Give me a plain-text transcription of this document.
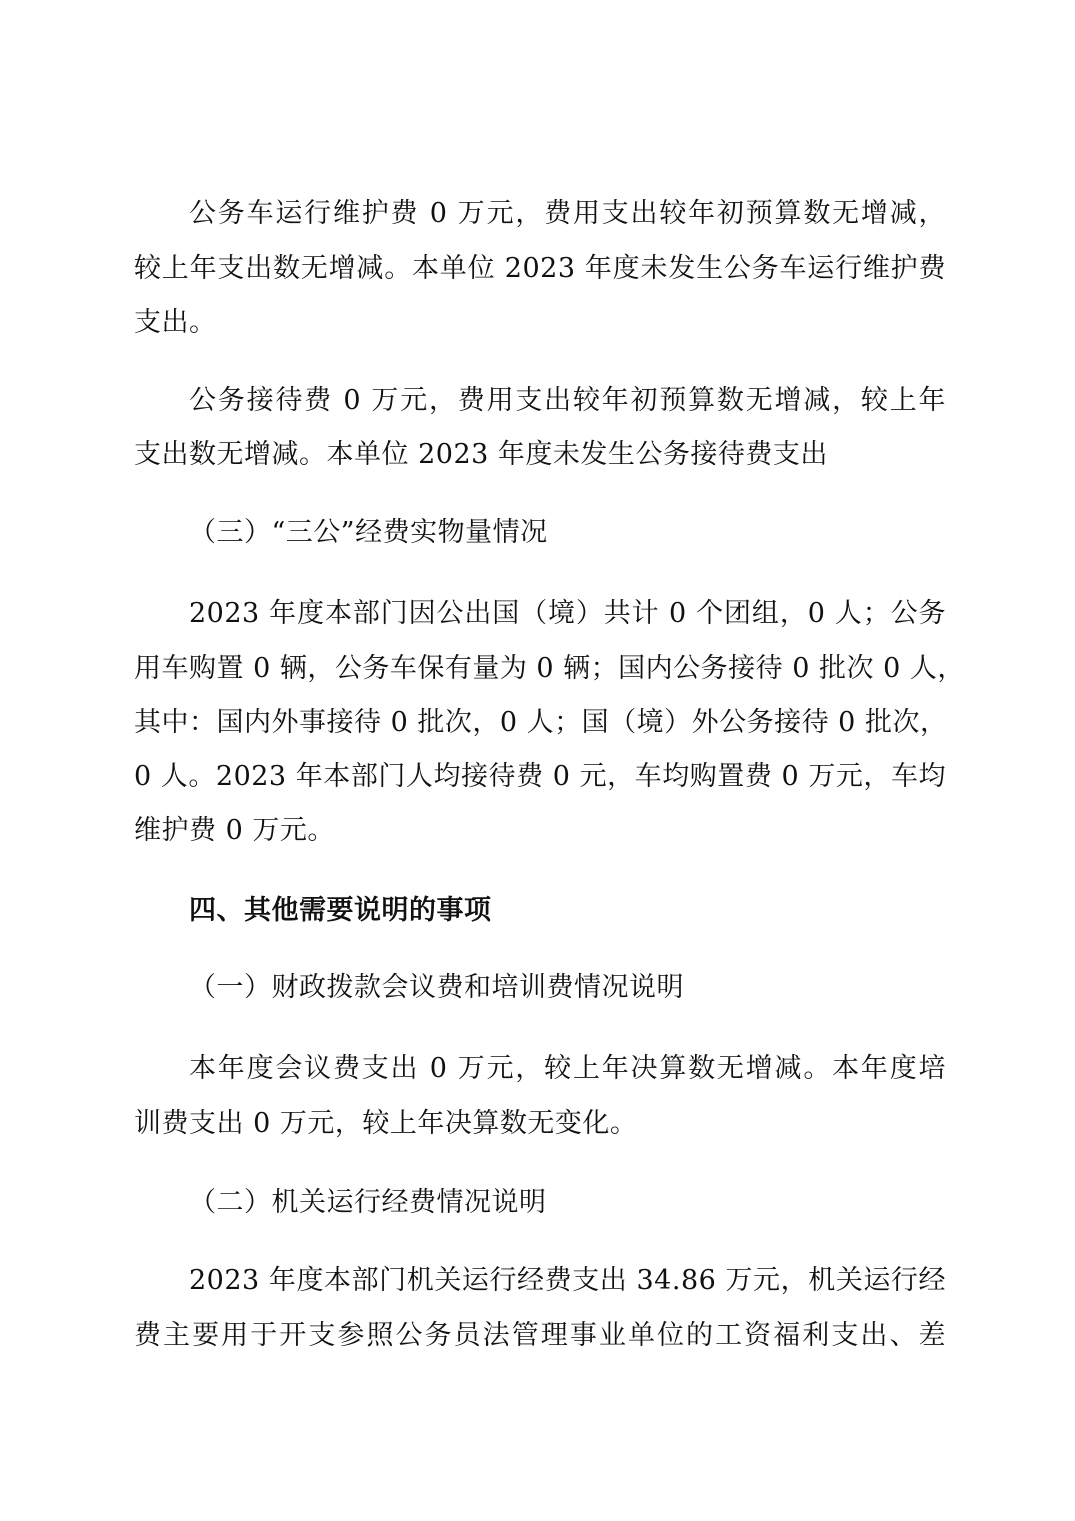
公务车运行维护费 0 万元，费用支出较年初预算数无增减，
较上年支出数无增减。本单位 2023 年度未发生公务车运行维护费
支出。
公务接待费 0 万元，费用支出较年初预算数无增减，较上年
支出数无增减。本单位 2023 年度未发生公务接待费支出
（三）“三公”经费实物量情况
2023 年度本部门因公出国（境）共计 0 个团组，0 人；公务
用车购置 0 辆，公务车保有量为 0 辆；国内公务接待 0 批次 0 人，
其中：国内外事接待 0 批次，0 人；国（境）外公务接待 0 批次，
0 人。2023 年本部门人均接待费 0 元，车均购置费 0 万元，车均
维护费 0 万元。
四、其他需要说明的事项
（一）财政拨款会议费和培训费情况说明
本年度会议费支出 0 万元，较上年决算数无增减。本年度培
训费支出 0 万元，较上年决算数无变化。
（二）机关运行经费情况说明
2023 年度本部门机关运行经费支出 34.86 万元，机关运行经
费主要用于开支参照公务员法管理事业单位的工资福利支出、差
